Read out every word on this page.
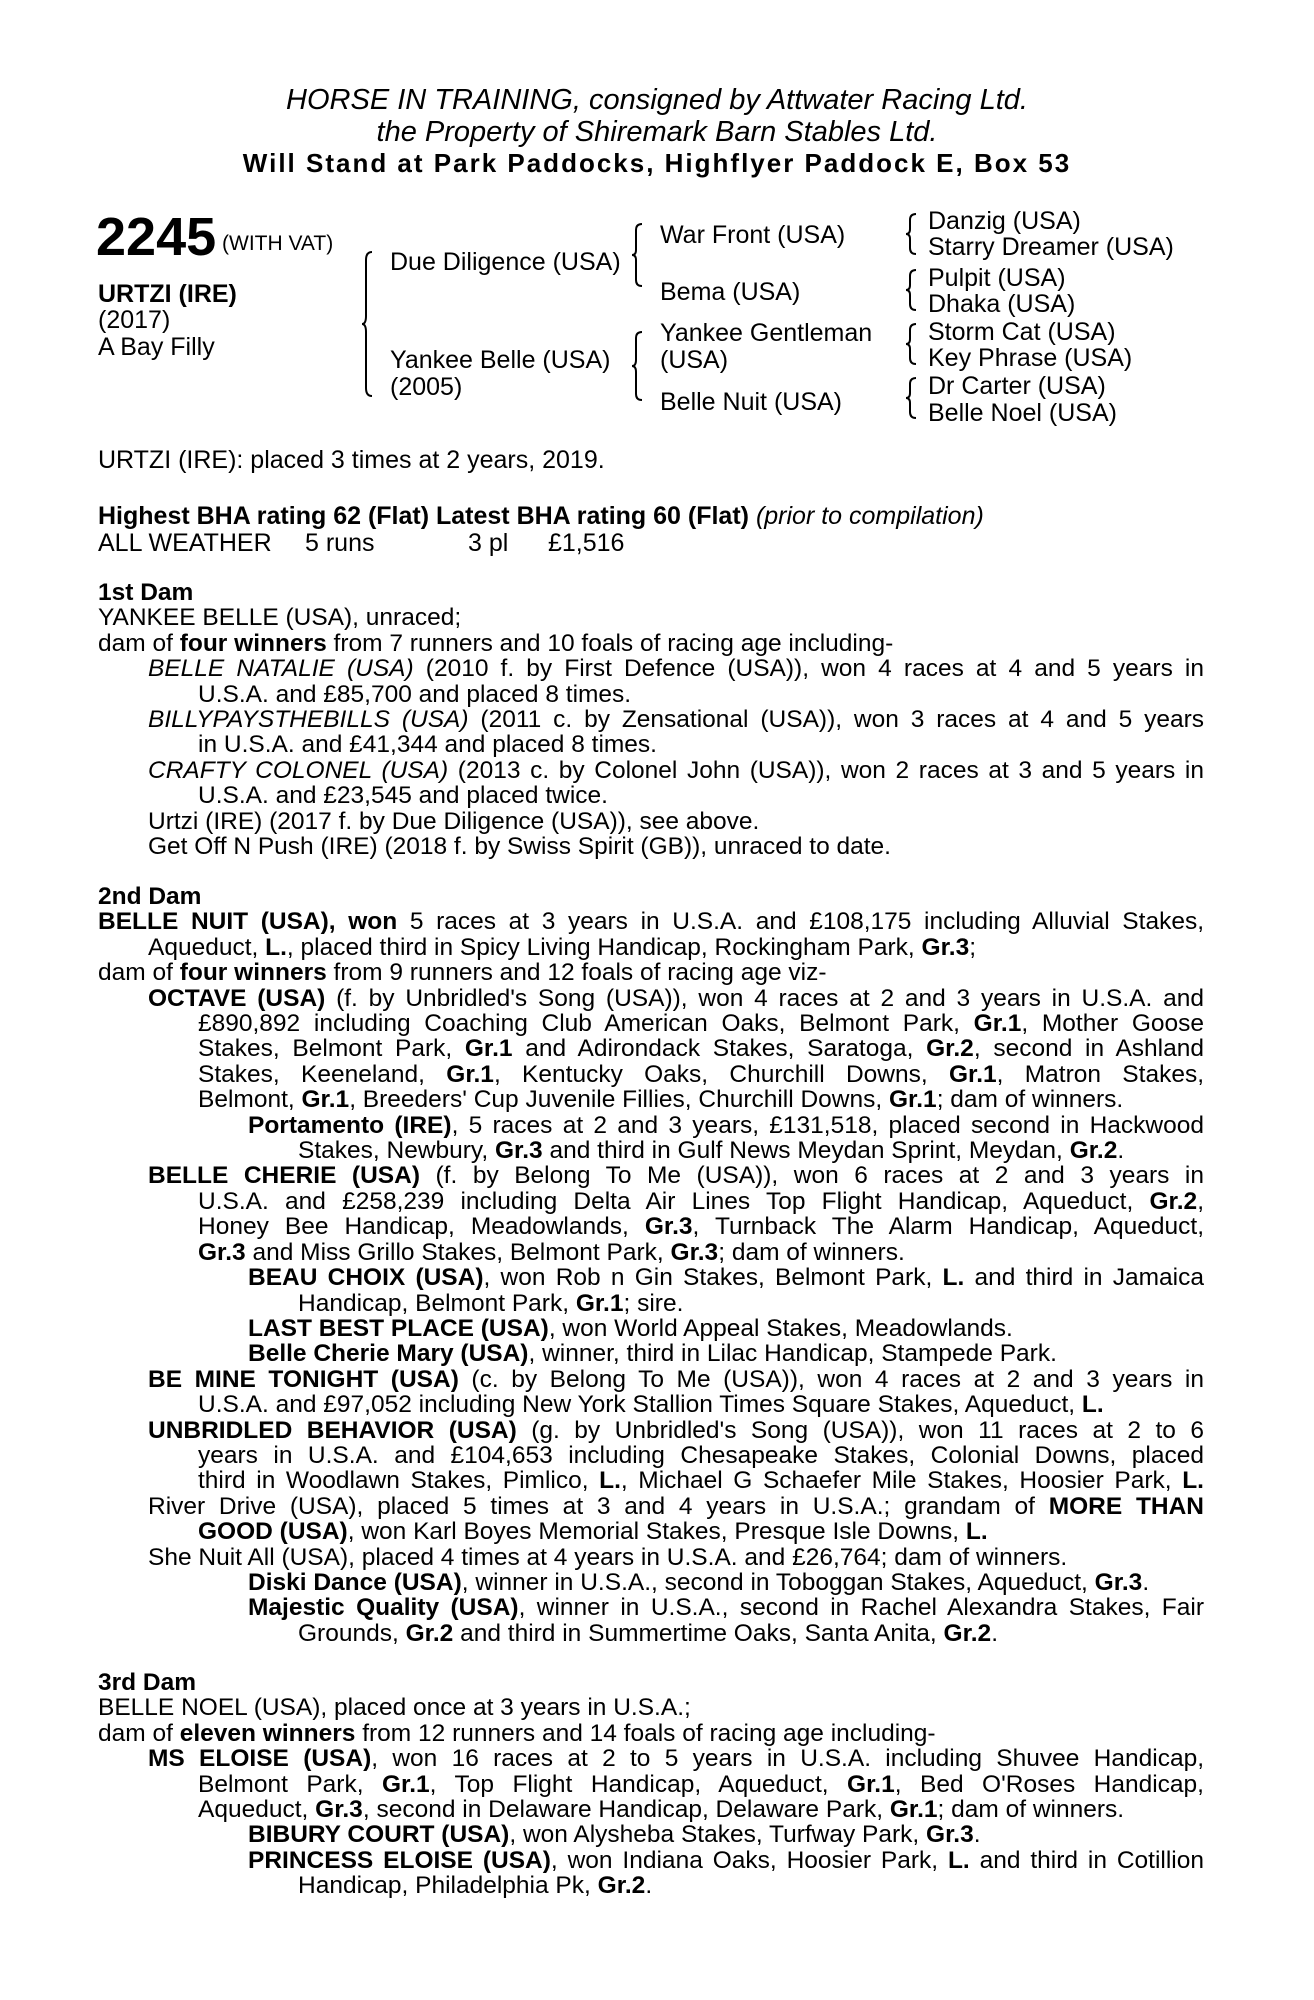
HORSE IN TRAINING, consigned by Attwater Racing Ltd.
the Property of Shiremark Barn Stables Ltd.
Will Stand at Park Paddocks, Highflyer Paddock E, Box 53
2245 (WITH VAT)
URTZI (IRE)
(2017)
A Bay Filly
Due Diligence (USA)
Yankee Belle (USA)
(2005)
War Front (USA)
Bema (USA)
Yankee Gentleman
(USA)
Belle Nuit (USA)
Danzig (USA)
Starry Dreamer (USA)
Pulpit (USA)
Dhaka (USA)
Storm Cat (USA)
Key Phrase (USA)
Dr Carter (USA)
Belle Noel (USA)
URTZI (IRE): placed 3 times at 2 years, 2019.
Highest BHA rating 62 (Flat) Latest BHA rating 60 (Flat) (prior to compilation)
ALL WEATHER 5 runs	3 pl £1,516
1st Dam
YANKEE BELLE (USA), unraced;
dam of four winners from 7 runners and 10 foals of racing age including-
BELLE NATALIE (USA) (2010 f. by First Defence (USA)), won 4 races at 4 and 5 years in
U.S.A. and £85,700 and placed 8 times.
BILLYPAYSTHEBILLS (USA) (2011 c. by Zensational (USA)), won 3 races at 4 and 5 years
in U.S.A. and £41,344 and placed 8 times.
CRAFTY COLONEL (USA) (2013 c. by Colonel John (USA)), won 2 races at 3 and 5 years in
U.S.A. and £23,545 and placed twice.
Urtzi (IRE) (2017 f. by Due Diligence (USA)), see above.
Get Off N Push (IRE) (2018 f. by Swiss Spirit (GB)), unraced to date.
2nd Dam
BELLE NUIT (USA), won 5 races at 3 years in U.S.A. and £108,175 including Alluvial Stakes,
Aqueduct, L., placed third in Spicy Living Handicap, Rockingham Park, Gr.3;
dam of four winners from 9 runners and 12 foals of racing age viz-
OCTAVE (USA) (f. by Unbridled's Song (USA)), won 4 races at 2 and 3 years in U.S.A. and
£890,892 including Coaching Club American Oaks, Belmont Park, Gr.1, Mother Goose
Stakes, Belmont Park, Gr.1 and Adirondack Stakes, Saratoga, Gr.2, second in Ashland
Stakes, Keeneland, Gr.1, Kentucky Oaks, Churchill Downs, Gr.1, Matron Stakes,
Belmont, Gr.1, Breeders' Cup Juvenile Fillies, Churchill Downs, Gr.1; dam of winners.
Portamento (IRE), 5 races at 2 and 3 years, £131,518, placed second in Hackwood
Stakes, Newbury, Gr.3 and third in Gulf News Meydan Sprint, Meydan, Gr.2.
BELLE CHERIE (USA) (f. by Belong To Me (USA)), won 6 races at 2 and 3 years in
U.S.A. and £258,239 including Delta Air Lines Top Flight Handicap, Aqueduct, Gr.2,
Honey Bee Handicap, Meadowlands, Gr.3, Turnback The Alarm Handicap, Aqueduct,
Gr.3 and Miss Grillo Stakes, Belmont Park, Gr.3; dam of winners.
BEAU CHOIX (USA), won Rob n Gin Stakes, Belmont Park, L. and third in Jamaica
Handicap, Belmont Park, Gr.1; sire.
LAST BEST PLACE (USA), won World Appeal Stakes, Meadowlands.
Belle Cherie Mary (USA), winner, third in Lilac Handicap, Stampede Park.
BE MINE TONIGHT (USA) (c. by Belong To Me (USA)), won 4 races at 2 and 3 years in
U.S.A. and £97,052 including New York Stallion Times Square Stakes, Aqueduct, L.
UNBRIDLED BEHAVIOR (USA) (g. by Unbridled's Song (USA)), won 11 races at 2 to 6
years in U.S.A. and £104,653 including Chesapeake Stakes, Colonial Downs, placed
third in Woodlawn Stakes, Pimlico, L., Michael G Schaefer Mile Stakes, Hoosier Park, L.
River Drive (USA), placed 5 times at 3 and 4 years in U.S.A.; grandam of MORE THAN
GOOD (USA), won Karl Boyes Memorial Stakes, Presque Isle Downs, L.
She Nuit All (USA), placed 4 times at 4 years in U.S.A. and £26,764; dam of winners.
Diski Dance (USA), winner in U.S.A., second in Toboggan Stakes, Aqueduct, Gr.3.
Majestic Quality (USA), winner in U.S.A., second in Rachel Alexandra Stakes, Fair
Grounds, Gr.2 and third in Summertime Oaks, Santa Anita, Gr.2.
3rd Dam
BELLE NOEL (USA), placed once at 3 years in U.S.A.;
dam of eleven winners from 12 runners and 14 foals of racing age including-
MS ELOISE (USA), won 16 races at 2 to 5 years in U.S.A. including Shuvee Handicap,
Belmont Park, Gr.1, Top Flight Handicap, Aqueduct, Gr.1, Bed O'Roses Handicap,
Aqueduct, Gr.3, second in Delaware Handicap, Delaware Park, Gr.1; dam of winners.
BIBURY COURT (USA), won Alysheba Stakes, Turfway Park, Gr.3.
PRINCESS ELOISE (USA), won Indiana Oaks, Hoosier Park, L. and third in Cotillion
Handicap, Philadelphia Pk, Gr.2.
